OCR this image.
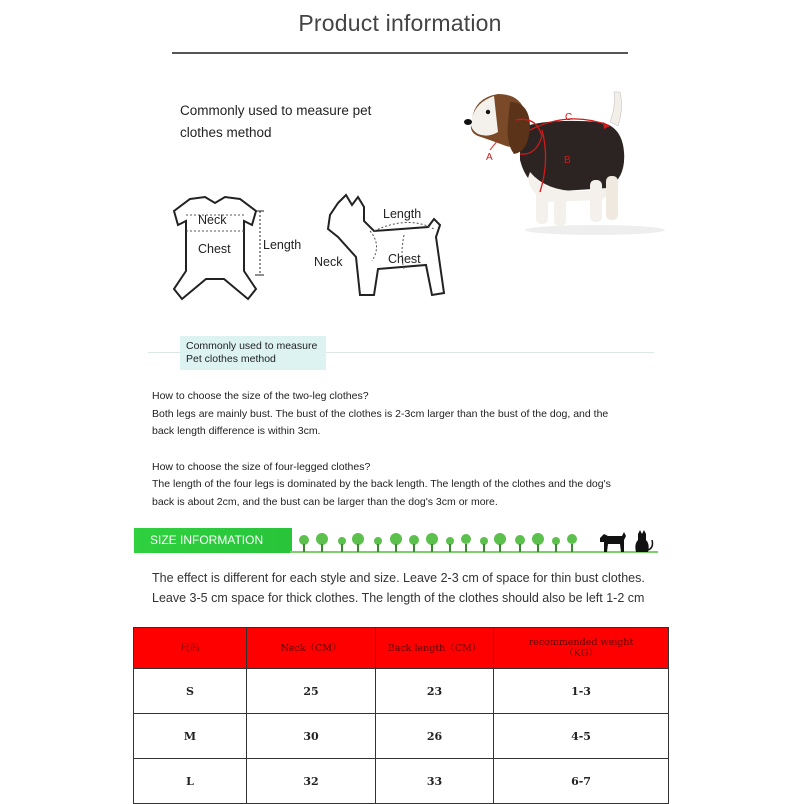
Product information
Commonly used to measure pet clothes method
Neck
Chest	Length
Length
Neck	Chest
A	B
C
Commonly used to measure
Pet clothes method

How to choose the size of the two-leg clothes?

Both legs are mainly bust. The bust of the clothes is 2-3cm larger than the bust of the dog, and the

back length difference is within 3cm.

How to choose the size of four-legged clothes?

The length of the four legs is dominated by the back length. The length of the clothes and the dog's

back is about 2cm, and the bust can be larger than the dog's 3cm or more.

SIZE INFORMATION
The effect is different for each style and size. Leave 2-3 cm of space for thin bust clothes.
Leave 3-5 cm space for thick clothes. The length of the clothes should also be left 1-2 cm
尺码	Neck（CM）	Back length（CM）	recommended weight
（KG）

S	25	23	1-3
M	30	26	4-5
L	32	33	6-7
